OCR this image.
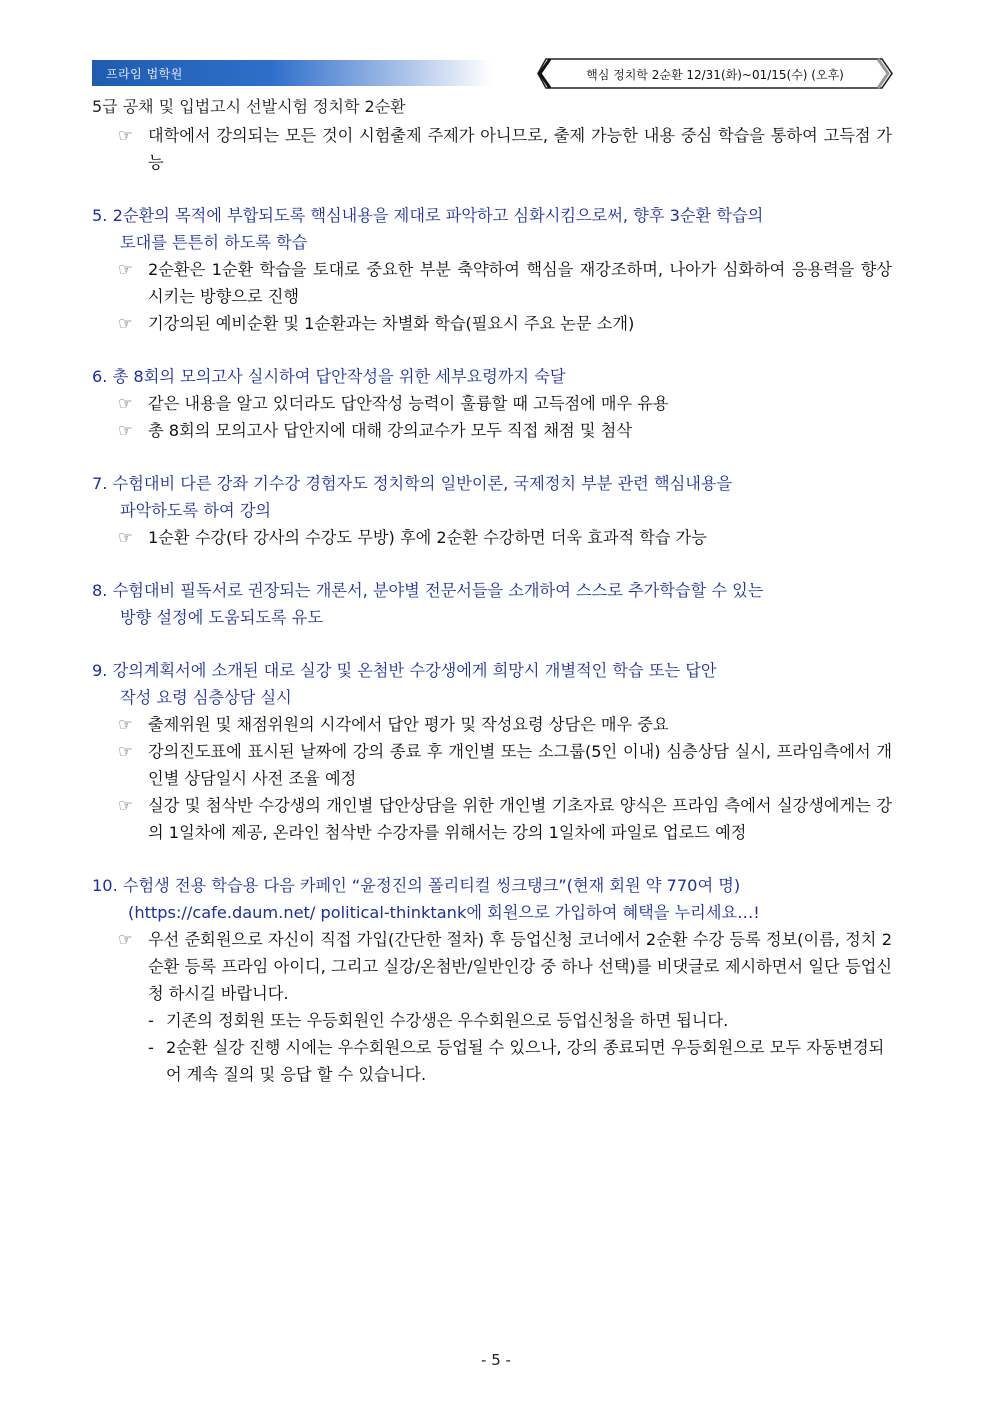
프라임 법학원	핵심 정치학 2순환 12/31(화)~01/15(수) (오후)
5급 공채 및 입법고시 선발시험 정치학 2순환
☞ 대학에서 강의되는 모든 것이 시험출제 주제가 아니므로, 출제 가능한 내용 중심 학습을 통하여 고득점 가능
5. 2순환의 목적에 부합되도록 핵심내용을 제대로 파악하고 심화시킴으로써, 향후 3순환 학습의
토대를 튼튼히 하도록 학습
☞ 2순환은 1순환 학습을 토대로 중요한 부분 축약하여 핵심을 재강조하며, 나아가 심화하여 응용력을 향상시키는 방향으로 진행
☞ 기강의된 예비순환 및 1순환과는 차별화 학습(필요시 주요 논문 소개)
6. 총 8회의 모의고사 실시하여 답안작성을 위한 세부요령까지 숙달
☞ 같은 내용을 알고 있더라도 답안작성 능력이 훌륭할 때 고득점에 매우 유용
☞ 총 8회의 모의고사 답안지에 대해 강의교수가 모두 직접 채점 및 첨삭
7. 수험대비 다른 강좌 기수강 경험자도 정치학의 일반이론, 국제정치 부분 관련 핵심내용을
파악하도록 하여 강의
☞ 1순환 수강(타 강사의 수강도 무방) 후에 2순환 수강하면 더욱 효과적 학습 가능
8. 수험대비 필독서로 권장되는 개론서, 분야별 전문서들을 소개하여 스스로 추가학습할 수 있는
방향 설정에 도움되도록 유도
9. 강의계획서에 소개된 대로 실강 및 온첨반 수강생에게 희망시 개별적인 학습 또는 답안
작성 요령 심층상담 실시
☞ 출제위원 및 채점위원의 시각에서 답안 평가 및 작성요령 상담은 매우 중요
☞ 강의진도표에 표시된 날짜에 강의 종료 후 개인별 또는 소그룹(5인 이내) 심층상담 실시, 프라임측에서 개인별 상담일시 사전 조율 예정
☞ 실강 및 첨삭반 수강생의 개인별 답안상담을 위한 개인별 기초자료 양식은 프라임 측에서 실강생에게는 강의 1일차에 제공, 온라인 첨삭반 수강자를 위해서는 강의 1일차에 파일로 업로드 예정
10. 수험생 전용 학습용 다음 카페인 “윤정진의 폴리티컬 씽크탱크”(현재 회원 약 770여 명)
(https://cafe.daum.net/ political-thinktank에 회원으로 가입하여 혜택을 누리세요…!
☞ 우선 준회원으로 자신이 직접 가입(간단한 절차) 후 등업신청 코너에서 2순환 수강 등록 정보(이름, 정치 2순환 등록 프라임 아이디, 그리고 실강/온첨반/일반인강 중 하나 선택)를 비댓글로 제시하면서 일단 등업신청 하시길 바랍니다.
- 기존의 정회원 또는 우등회원인 수강생은 우수회원으로 등업신청을 하면 됩니다.
- 2순환 실강 진행 시에는 우수회원으로 등업될 수 있으나, 강의 종료되면 우등회원으로 모두 자동변경되어 계속 질의 및 응답 할 수 있습니다.
- 5 -
